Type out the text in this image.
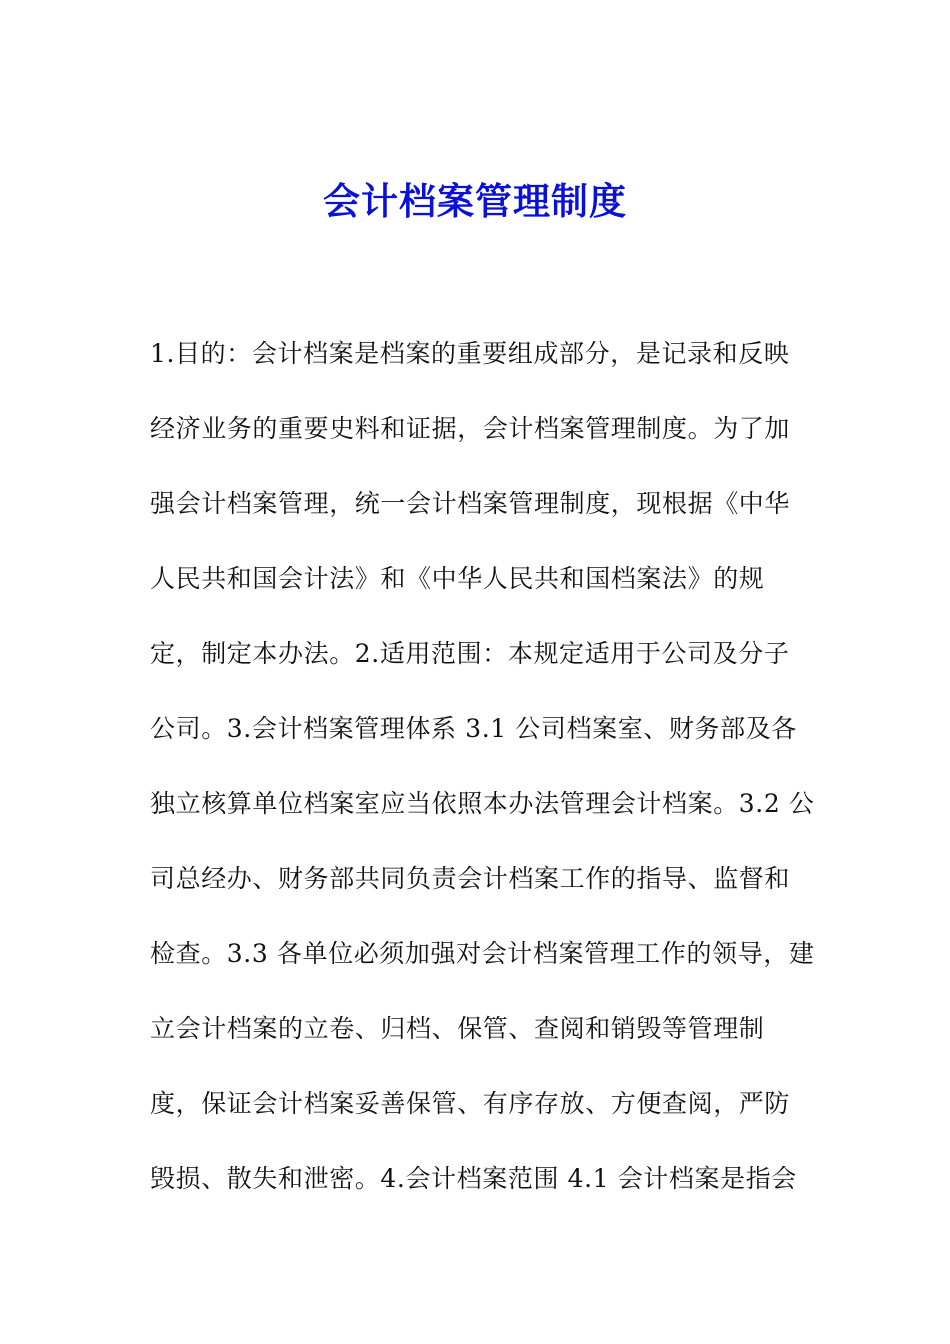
会计档案管理制度
1.目的：会计档案是档案的重要组成部分，是记录和反映
经济业务的重要史料和证据，会计档案管理制度。为了加
强会计档案管理，统一会计档案管理制度，现根据《中华
人民共和国会计法》和《中华人民共和国档案法》的规
定，制定本办法。2.适用范围：本规定适用于公司及分子
公司。3.会计档案管理体系 3.1 公司档案室、财务部及各
独立核算单位档案室应当依照本办法管理会计档案。3.2 公
司总经办、财务部共同负责会计档案工作的指导、监督和
检查。3.3 各单位必须加强对会计档案管理工作的领导，建
立会计档案的立卷、归档、保管、查阅和销毁等管理制
度，保证会计档案妥善保管、有序存放、方便查阅，严防
毁损、散失和泄密。4.会计档案范围 4.1 会计档案是指会
